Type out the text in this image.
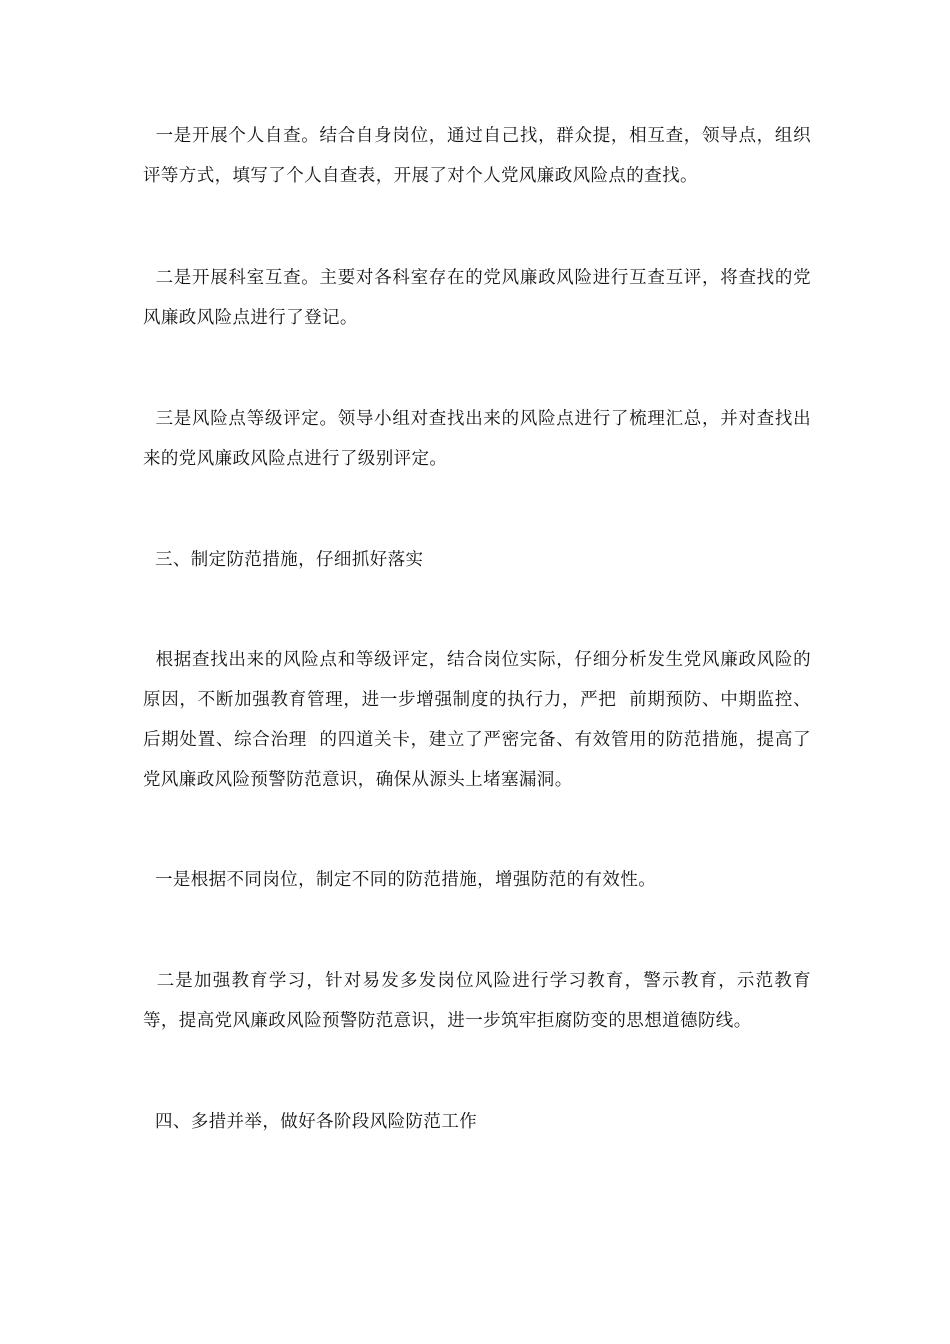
一是开展个人自查。结合自身岗位，通过自己找，群众提，相互查，领导点，组织评等方式，填写了个人自查表，开展了对个人党风廉政风险点的查找。

二是开展科室互查。主要对各科室存在的党风廉政风险进行互查互评，将查找的党风廉政风险点进行了登记。

三是风险点等级评定。领导小组对查找出来的风险点进行了梳理汇总，并对查找出来的党风廉政风险点进行了级别评定。

三、制定防范措施，仔细抓好落实

根据查找出来的风险点和等级评定，结合岗位实际，仔细分析发生党风廉政风险的原因，不断加强教育管理，进一步增强制度的执行力，严把  前期预防、中期监控、后期处置、综合治理  的四道关卡，建立了严密完备、有效管用的防范措施，提高了党风廉政风险预警防范意识，确保从源头上堵塞漏洞。

一是根据不同岗位，制定不同的防范措施，增强防范的有效性。

二是加强教育学习，针对易发多发岗位风险进行学习教育，警示教育，示范教育等，提高党风廉政风险预警防范意识，进一步筑牢拒腐防变的思想道德防线。

四、多措并举，做好各阶段风险防范工作
